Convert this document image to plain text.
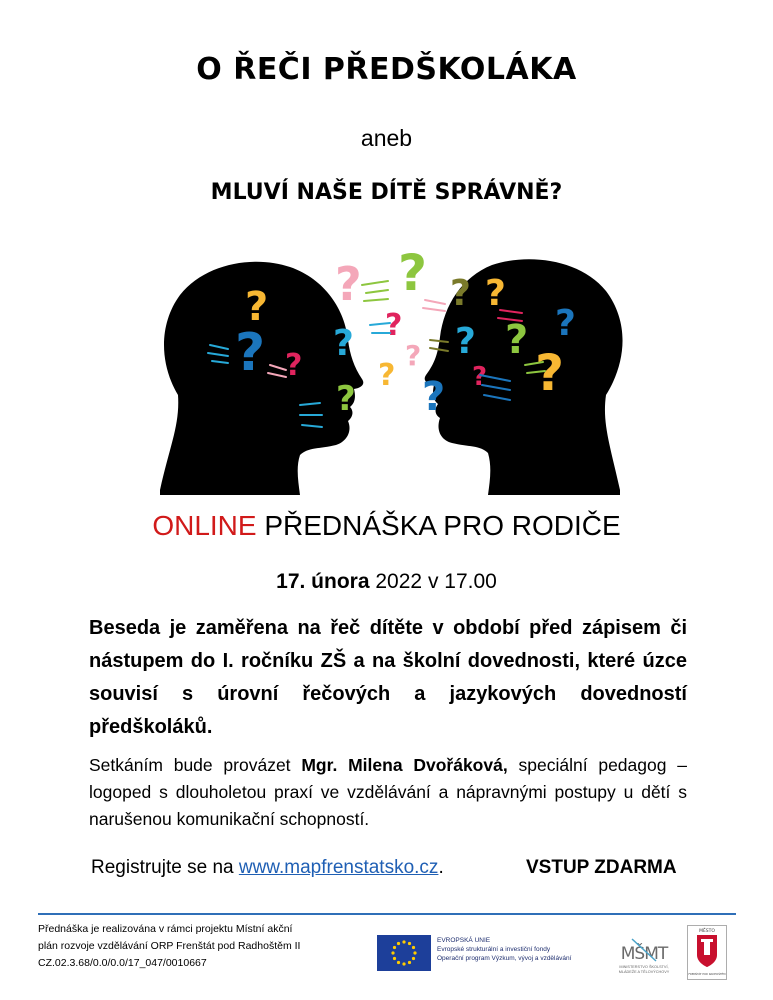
O ŘEČI PŘEDŠKOLÁKA
aneb
MLUVÍ NAŠE DÍTĚ SPRÁVNĚ?
?
? ?
?
?
? ?
?
?
?
?
? ?
?
?
? ?
?
ONLINE PŘEDNÁŠKA PRO RODIČE
17. února 2022 v 17.00
Beseda je zaměřena na řeč dítěte v období před zápisem či nástupem do I. ročníku ZŠ a na školní dovednosti, které úzce souvisí s úrovní řečových a jazykových dovedností předškoláků.
Setkáním bude provázet Mgr. Milena Dvořáková, speciální pedagog – logoped s dlouholetou praxí ve vzdělávání a nápravnými postupy u dětí s narušenou komunikační schopností.
Registrujte se na www.mapfrenstatsko.cz.	VSTUP ZDARMA
Přednáška je realizována v rámci projektu Místní akční
plán rozvoje vzdělávání ORP Frenštát pod Radhoštěm II
CZ.02.3.68/0.0/0.0/17_047/0010667
EVROPSKÁ UNIE
Evropské strukturální a investiční fondy
Operační program Výzkum, vývoj a vzdělávání	MŠMT
MINISTERSTVO ŠKOLSTVÍ, MLÁDEŽE A TĚLOVÝCHOVY
MĚSTO
FRENŠTÁT POD RADHOŠTĚM
